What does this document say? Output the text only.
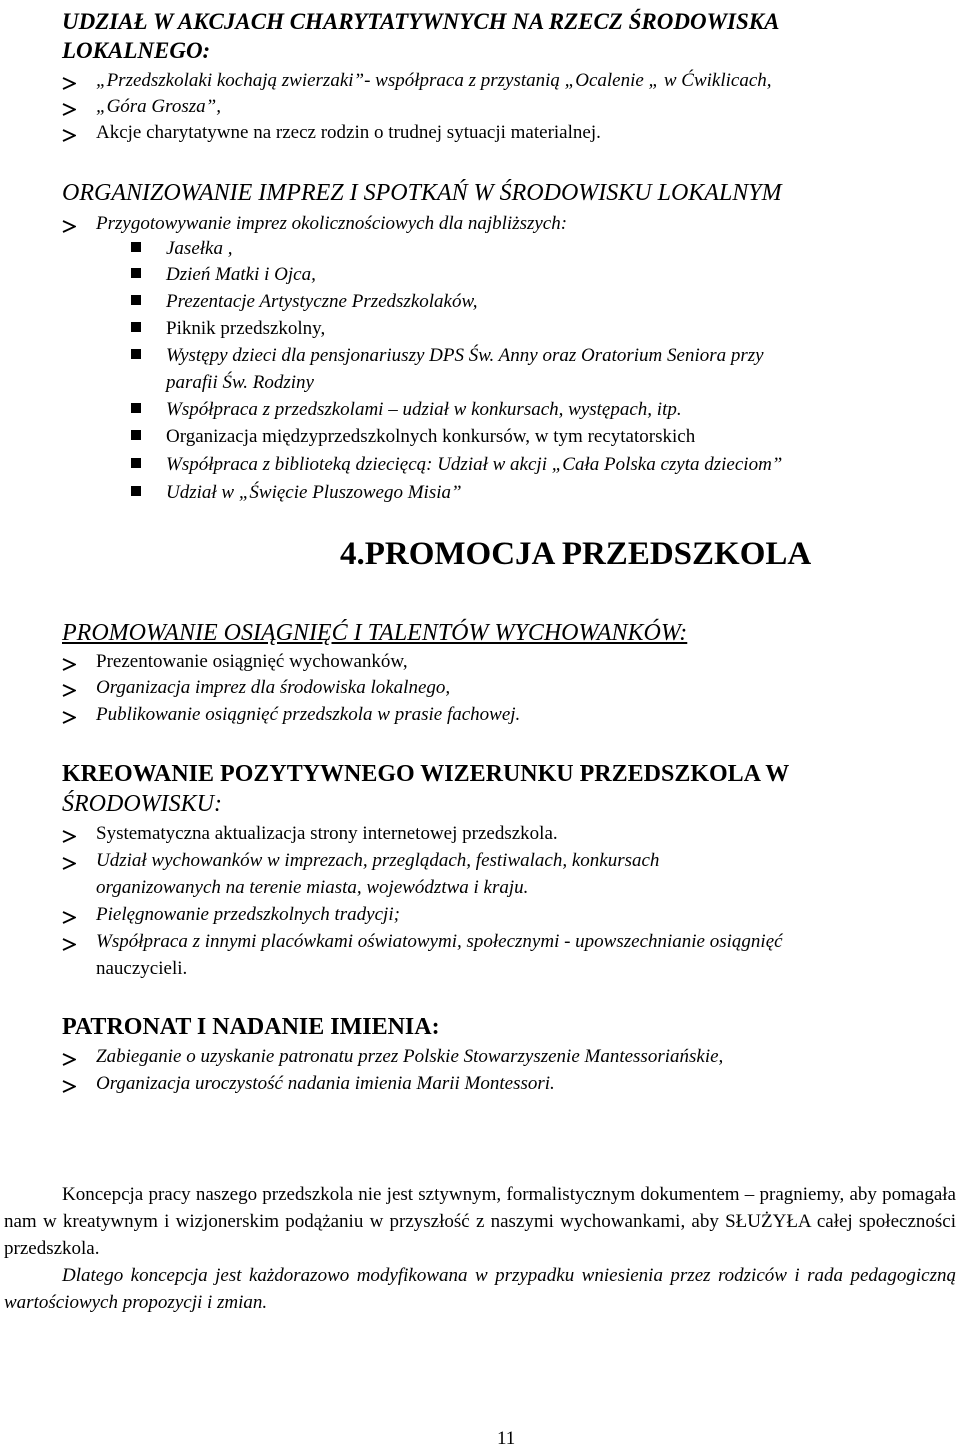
UDZIAŁ W AKCJACH CHARYTATYWNYCH NA RZECZ ŚRODOWISKA
LOKALNEGO:
„Przedszkolaki kochają zwierzaki”- współpraca z przystanią „Ocalenie „ w Ćwiklicach,
„Góra Grosza”,
Akcje charytatywne na rzecz rodzin o trudnej sytuacji materialnej.
ORGANIZOWANIE IMPREZ I SPOTKAŃ W ŚRODOWISKU LOKALNYM
Przygotowywanie imprez okolicznościowych dla najbliższych:
Jasełka ,
Dzień Matki i Ojca,
Prezentacje Artystyczne Przedszkolaków,
Piknik przedszkolny,
Występy dzieci dla pensjonariuszy DPS Św. Anny oraz Oratorium Seniora przy
parafii Św. Rodziny
Współpraca z przedszkolami – udział w konkursach, występach, itp.
Organizacja międzyprzedszkolnych konkursów, w tym recytatorskich
Współpraca z biblioteką dziecięcą: Udział w akcji „Cała Polska czyta dzieciom”
Udział w „Święcie Pluszowego Misia”
4.PROMOCJA PRZEDSZKOLA
PROMOWANIE OSIĄGNIĘĆ I TALENTÓW WYCHOWANKÓW:
Prezentowanie osiągnięć wychowanków,
Organizacja imprez dla środowiska lokalnego,
Publikowanie osiągnięć przedszkola w prasie fachowej.
KREOWANIE POZYTYWNEGO WIZERUNKU PRZEDSZKOLA W
ŚRODOWISKU:
Systematyczna aktualizacja strony internetowej przedszkola.
Udział wychowanków w imprezach, przeglądach, festiwalach, konkursach
organizowanych na terenie miasta, województwa i kraju.
Pielęgnowanie przedszkolnych tradycji;
Współpraca z innymi placówkami oświatowymi, społecznymi - upowszechnianie osiągnięć
nauczycieli.
PATRONAT I NADANIE IMIENIA:
Zabieganie o uzyskanie patronatu przez Polskie Stowarzyszenie Mantessoriańskie,
Organizacja uroczystość nadania imienia Marii Montessori.
Koncepcja pracy naszego przedszkola nie jest sztywnym, formalistycznym dokumentem – pragniemy, aby pomagała nam w kreatywnym i wizjonerskim podążaniu w przyszłość z naszymi wychowankami, aby SŁUŻYŁA całej społeczności przedszkola.
Dlatego koncepcja jest każdorazowo modyfikowana w przypadku wniesienia przez rodziców i rada pedagogiczną wartościowych propozycji i zmian.
11
